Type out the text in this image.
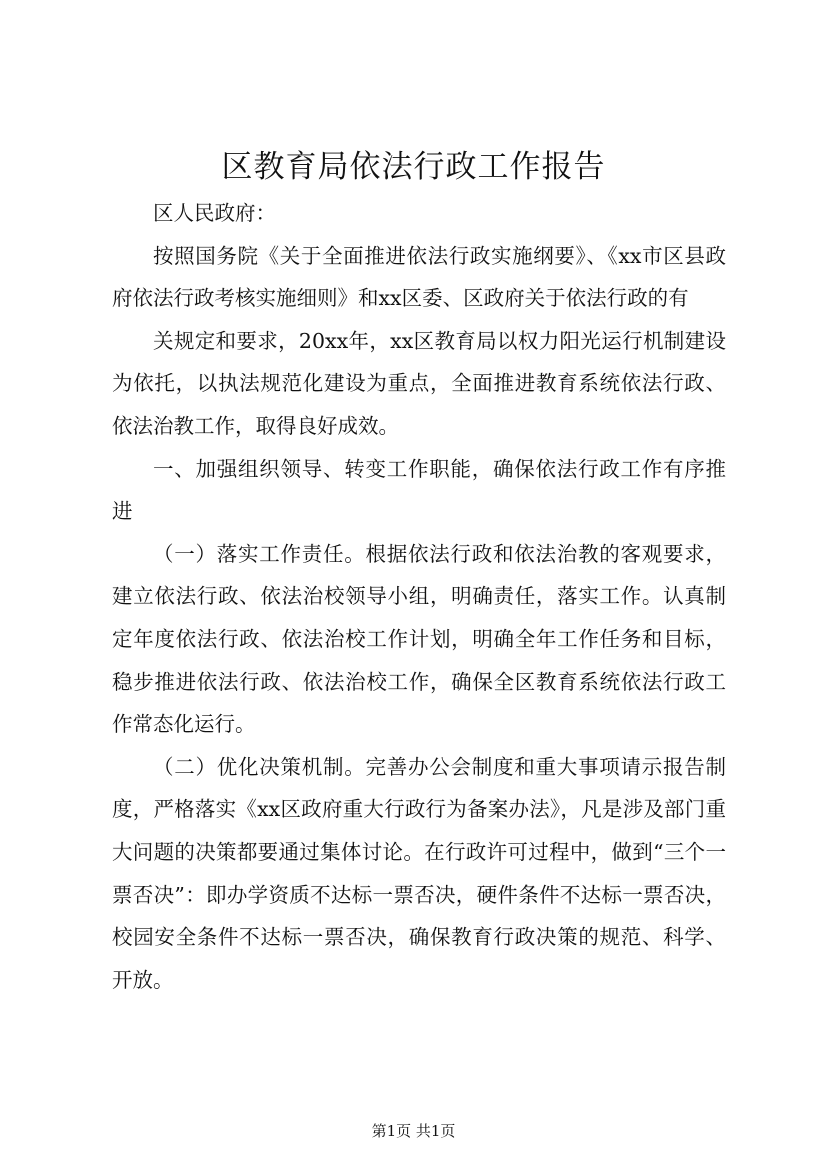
区教育局依法行政工作报告

区人民政府：

按照国务院《关于全面推进依法行政实施纲要》、《xx市区县政府依法行政考核实施细则》和xx区委、区政府关于依法行政的有

关规定和要求，20xx年，xx区教育局以权力阳光运行机制建设为依托，以执法规范化建设为重点，全面推进教育系统依法行政、依法治教工作，取得良好成效。

一、加强组织领导、转变工作职能，确保依法行政工作有序推进

（一）落实工作责任。根据依法行政和依法治教的客观要求，建立依法行政、依法治校领导小组，明确责任，落实工作。认真制定年度依法行政、依法治校工作计划，明确全年工作任务和目标，稳步推进依法行政、依法治校工作，确保全区教育系统依法行政工作常态化运行。

（二）优化决策机制。完善办公会制度和重大事项请示报告制度，严格落实《xx区政府重大行政行为备案办法》，凡是涉及部门重大问题的决策都要通过集体讨论。在行政许可过程中，做到“三个一票否决”：即办学资质不达标一票否决，硬件条件不达标一票否决，校园安全条件不达标一票否决，确保教育行政决策的规范、科学、开放。

第1页 共1页
